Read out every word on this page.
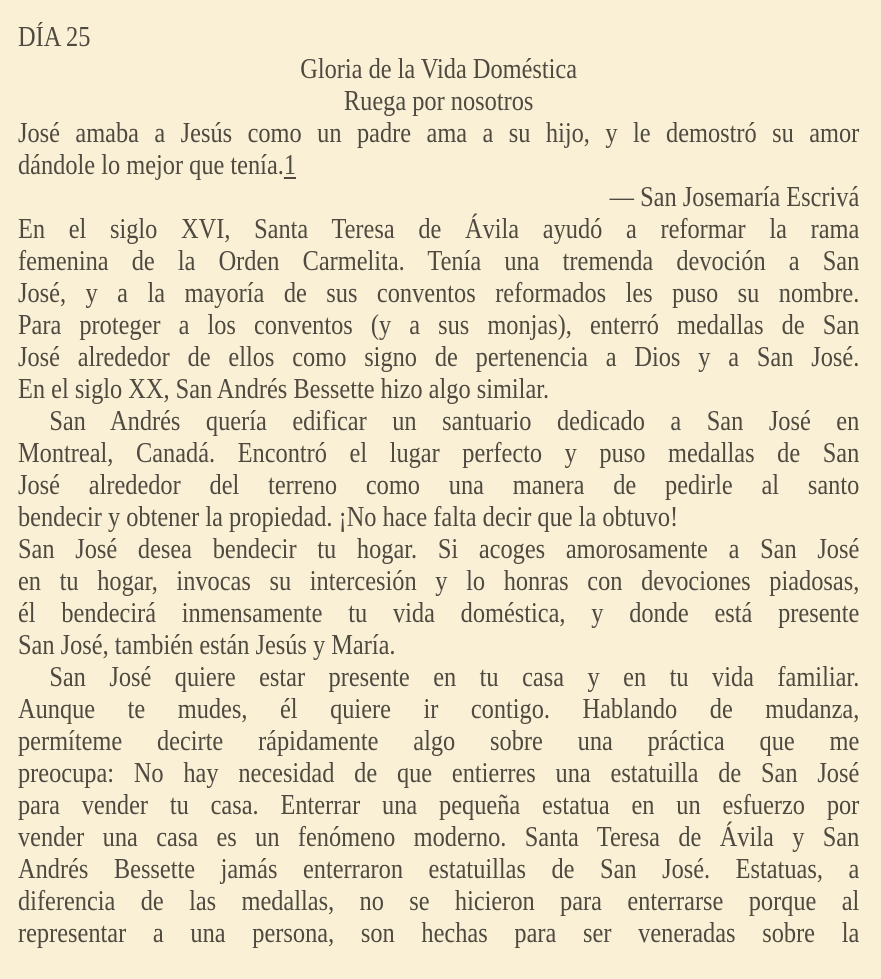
DÍA 25
Gloria de la Vida Doméstica
Ruega por nosotros
José amaba a Jesús como un padre ama a su hijo, y le demostró su amor
dándole lo mejor que tenía.1
— San Josemaría Escrivá
En el siglo XVI, Santa Teresa de Ávila ayudó a reformar la rama
femenina de la Orden Carmelita. Tenía una tremenda devoción a San
José, y a la mayoría de sus conventos reformados les puso su nombre.
Para proteger a los conventos (y a sus monjas), enterró medallas de San
José alrededor de ellos como signo de pertenencia a Dios y a San José.
En el siglo XX, San Andrés Bessette hizo algo similar.
San Andrés quería edificar un santuario dedicado a San José en
Montreal, Canadá. Encontró el lugar perfecto y puso medallas de San
José alrededor del terreno como una manera de pedirle al santo
bendecir y obtener la propiedad. ¡No hace falta decir que la obtuvo!
San José desea bendecir tu hogar. Si acoges amorosamente a San José
en tu hogar, invocas su intercesión y lo honras con devociones piadosas,
él bendecirá inmensamente tu vida doméstica, y donde está presente
San José, también están Jesús y María.
San José quiere estar presente en tu casa y en tu vida familiar.
Aunque te mudes, él quiere ir contigo. Hablando de mudanza,
permíteme decirte rápidamente algo sobre una práctica que me
preocupa: No hay necesidad de que entierres una estatuilla de San José
para vender tu casa. Enterrar una pequeña estatua en un esfuerzo por
vender una casa es un fenómeno moderno. Santa Teresa de Ávila y San
Andrés Bessette jamás enterraron estatuillas de San José. Estatuas, a
diferencia de las medallas, no se hicieron para enterrarse porque al
representar a una persona, son hechas para ser veneradas sobre la
